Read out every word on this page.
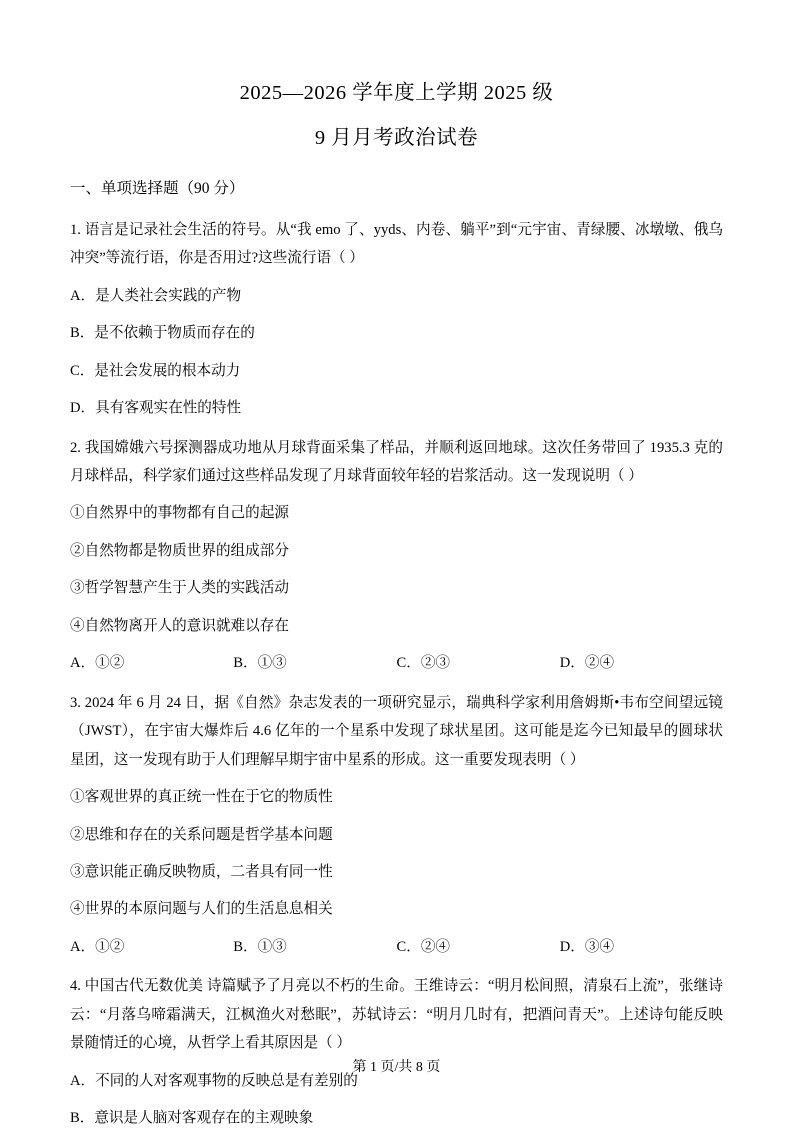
2025—2026 学年度上学期 2025 级
9 月月考政治试卷
一、单项选择题（90 分）
1. 语言是记录社会生活的符号。从“我 emo 了、yyds、内卷、躺平”到“元宇宙、青绿腰、冰墩墩、俄乌冲突”等流行语，你是否用过?这些流行语（ ）
A．是人类社会实践的产物
B．是不依赖于物质而存在的
C．是社会发展的根本动力
D．具有客观实在性的特性
2. 我国嫦娥六号探测器成功地从月球背面采集了样品，并顺利返回地球。这次任务带回了 1935.3 克的月球样品，科学家们通过这些样品发现了月球背面较年轻的岩浆活动。这一发现说明（ ）
①自然界中的事物都有自己的起源
②自然物都是物质世界的组成部分
③哲学智慧产生于人类的实践活动
④自然物离开人的意识就难以存在
A．①②	B．①③	C．②③	D．②④
3. 2024 年 6 月 24 日，据《自然》杂志发表的一项研究显示，瑞典科学家利用詹姆斯•韦布空间望远镜（JWST），在宇宙大爆炸后 4.6 亿年的一个星系中发现了球状星团。这可能是迄今已知最早的圆球状星团，这一发现有助于人们理解早期宇宙中星系的形成。这一重要发现表明（ ）
①客观世界的真正统一性在于它的物质性
②思维和存在的关系问题是哲学基本问题
③意识能正确反映物质，二者具有同一性
④世界的本原问题与人们的生活息息相关
A．①②	B．①③	C．②④	D．③④
4. 中国古代无数优美 诗篇赋予了月亮以不朽的生命。王维诗云：“明月松间照，清泉石上流”，张继诗云：“月落乌啼霜满天，江枫渔火对愁眠”，苏轼诗云：“明月几时有，把酒问青天”。上述诗句能反映景随情迁的心境，从哲学上看其原因是（ ）
A．不同的人对客观事物的反映总是有差别的
B．意识是人脑对客观存在的主观映象
第 1 页/共 8 页
